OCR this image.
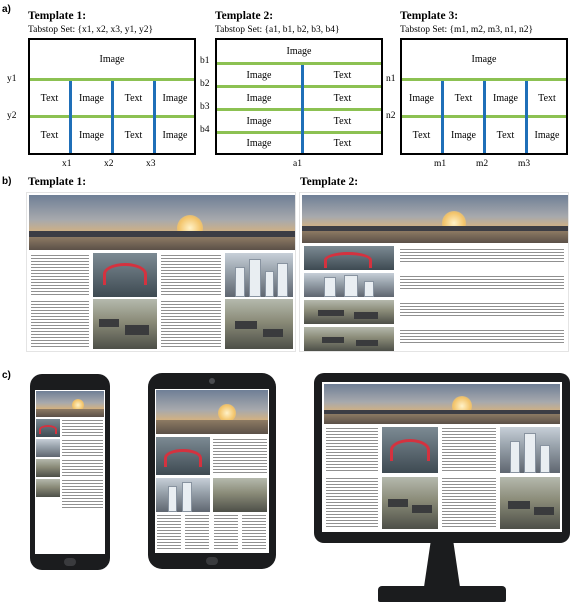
a)
Template 1:
Tabstop Set: {x1, x2, x3, y1, y2}
Image
Text	Image	Text	Image
Text	Image	Text	Image
y1
y2
x1	x2	x3
Template 2:
Tabstop Set: {a1, b1, b2, b3, b4}
Image
Image	Text
Image	Text
Image	Text
Image	Text
b1
b2
b3
b4
a1
Template 3:
Tabstop Set: {m1, m2, m3, n1, n2}
Image
Image	Text	Image	Text
Text	Image	Text	Image
n1
n2
m1	m2	m3
b) Template 1:	Template 2:
c)
